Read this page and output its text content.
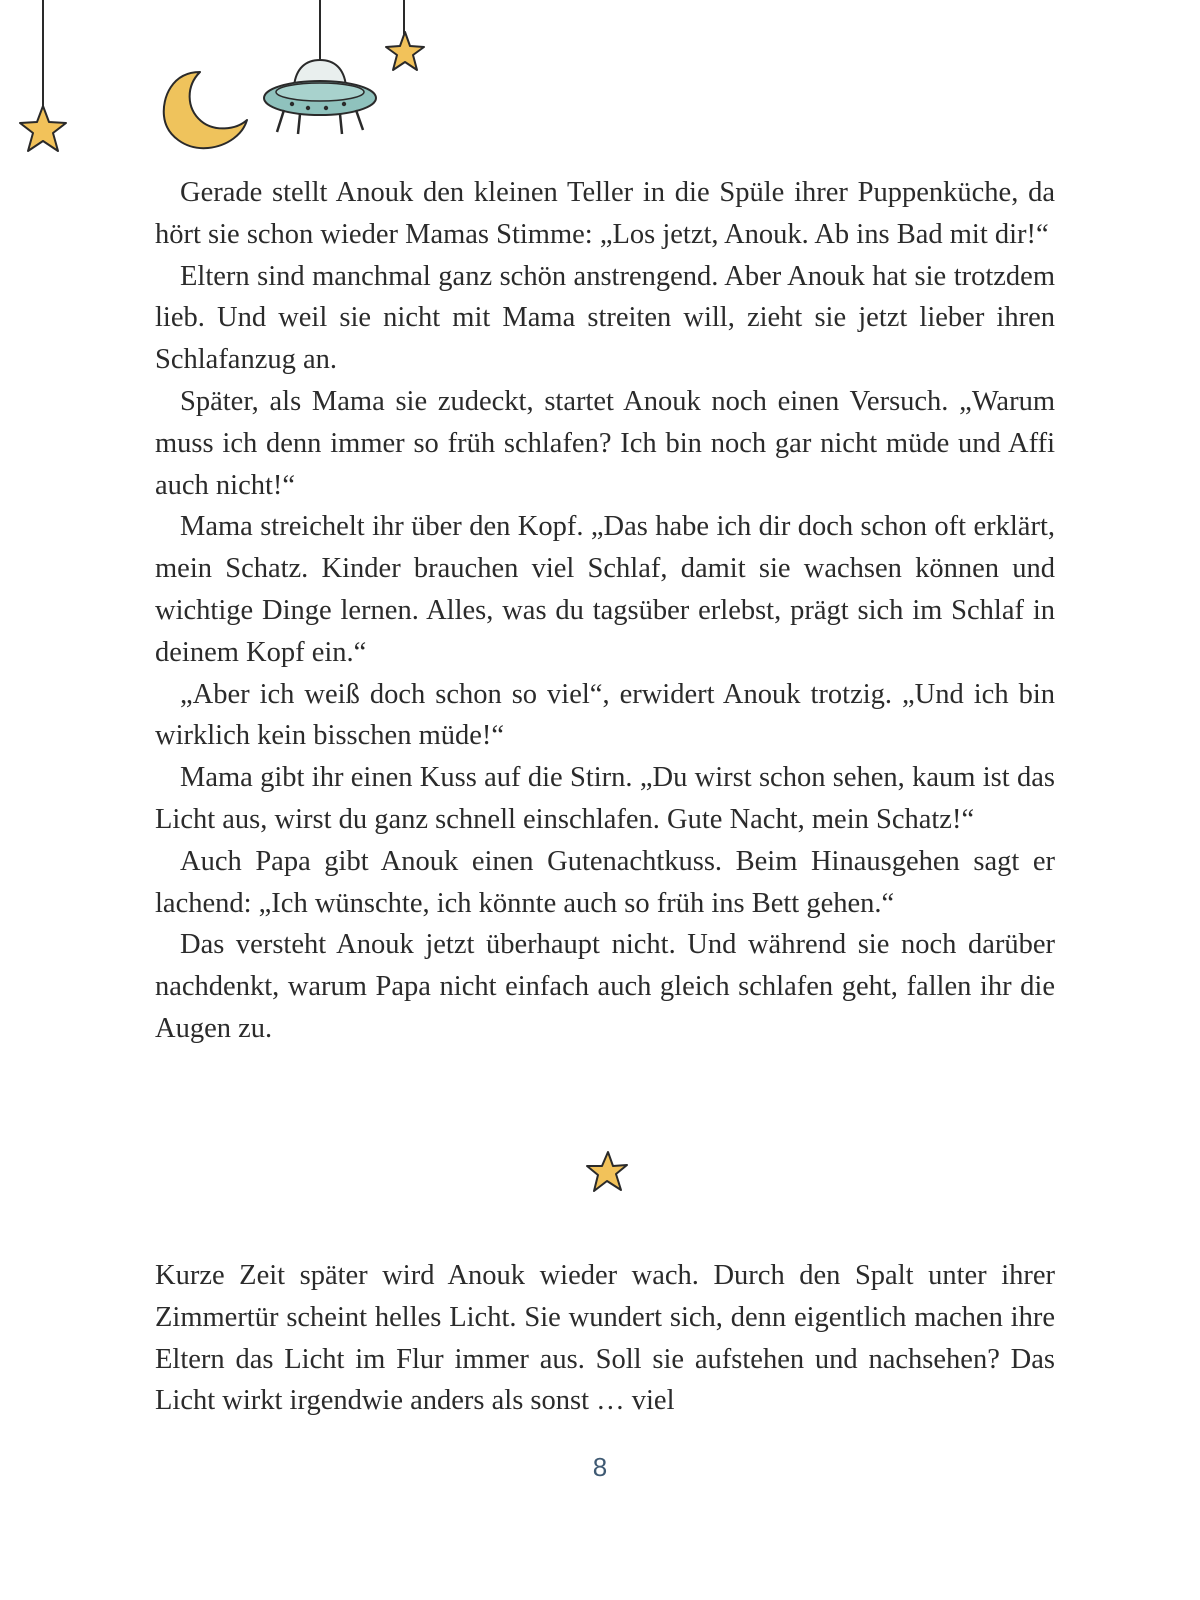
Gerade stellt Anouk den kleinen Teller in die Spüle ihrer Puppenküche, da hört sie schon wieder Mamas Stimme: „Los jetzt, Anouk. Ab ins Bad mit dir!“

Eltern sind manchmal ganz schön anstrengend. Aber Anouk hat sie trotzdem lieb. Und weil sie nicht mit Mama streiten will, zieht sie jetzt lieber ihren Schlafanzug an.

Später, als Mama sie zudeckt, startet Anouk noch einen Versuch. „Warum muss ich denn immer so früh schlafen? Ich bin noch gar nicht müde und Affi auch nicht!“

Mama streichelt ihr über den Kopf. „Das habe ich dir doch schon oft erklärt, mein Schatz. Kinder brauchen viel Schlaf, damit sie wachsen können und wichtige Dinge lernen. Alles, was du tagsüber erlebst, prägt sich im Schlaf in deinem Kopf ein.“

„Aber ich weiß doch schon so viel“, erwidert Anouk trotzig. „Und ich bin wirklich kein bisschen müde!“

Mama gibt ihr einen Kuss auf die Stirn. „Du wirst schon sehen, kaum ist das Licht aus, wirst du ganz schnell einschlafen. Gute Nacht, mein Schatz!“

Auch Papa gibt Anouk einen Gutenachtkuss. Beim Hinausgehen sagt er lachend: „Ich wünschte, ich könnte auch so früh ins Bett gehen.“

Das versteht Anouk jetzt überhaupt nicht. Und während sie noch darüber nachdenkt, warum Papa nicht einfach auch gleich schlafen geht, fallen ihr die Augen zu.

Kurze Zeit später wird Anouk wieder wach. Durch den Spalt unter ihrer Zimmertür scheint helles Licht. Sie wundert sich, denn eigentlich machen ihre Eltern das Licht im Flur immer aus. Soll sie aufstehen und nachsehen? Das Licht wirkt irgendwie anders als sonst … viel

8
